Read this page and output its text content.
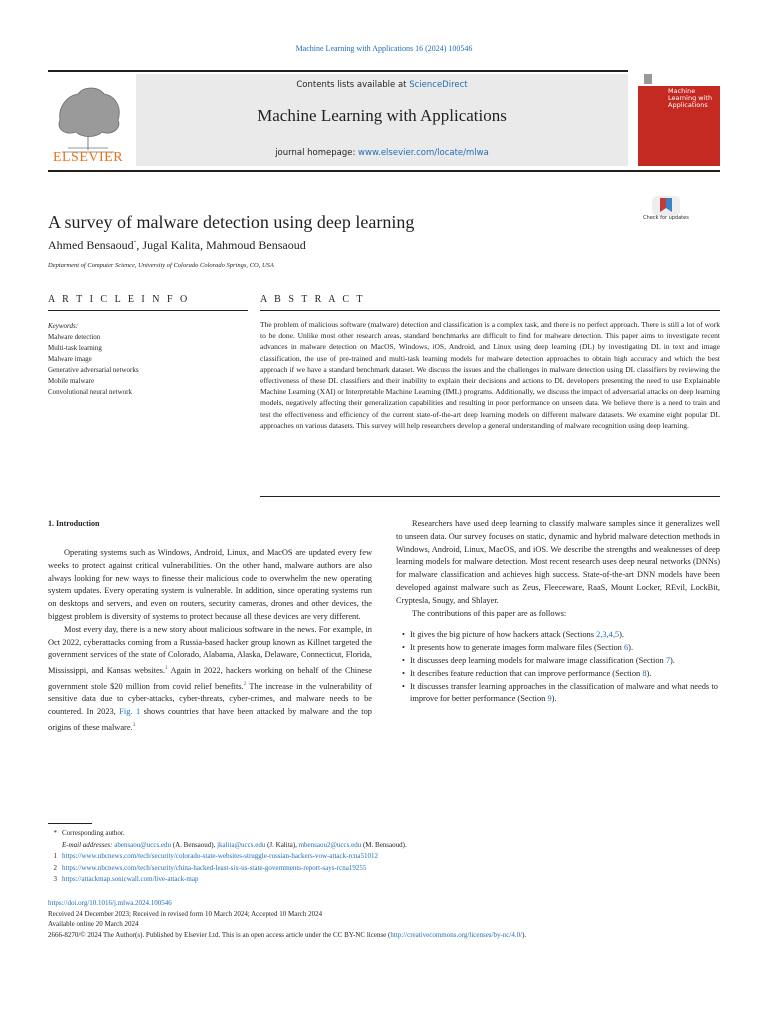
Machine Learning with Applications 16 (2024) 100546
ELSEVIER
Contents lists available at ScienceDirect
Machine Learning with Applications
journal homepage: www.elsevier.com/locate/mlwa
Machine Learning with Applications
Check for updates
A survey of malware detection using deep learning
Ahmed Bensaoud*, Jugal Kalita, Mahmoud Bensaoud
Deptarment of Computer Science, University of Colorado Colorado Springs, CO, USA
A R T I C L E I N F O	A B S T R A C T
Keywords:
Malware detection
Multi-task learning
Malware image
Generative adversarial networks
Mobile malware
Convolutional neural network
The problem of malicious software (malware) detection and classification is a complex task, and there is no perfect approach. There is still a lot of work to be done. Unlike most other research areas, standard benchmarks are difficult to find for malware detection. This paper aims to investigate recent advances in malware detection on MacOS, Windows, iOS, Android, and Linux using deep learning (DL) by investigating DL in text and image classification, the use of pre-trained and multi-task learning models for malware detection approaches to obtain high accuracy and which the best approach if we have a standard benchmark dataset. We discuss the issues and the challenges in malware detection using DL classifiers by reviewing the effectiveness of these DL classifiers and their inability to explain their decisions and actions to DL developers presenting the need to use Explainable Machine Learning (XAI) or Interpretable Machine Learning (IML) programs. Additionally, we discuss the impact of adversarial attacks on deep learning models, negatively affecting their generalization capabilities and resulting in poor performance on unseen data. We believe there is a need to train and test the effectiveness and efficiency of the current state-of-the-art deep learning models on different malware datasets. We examine eight popular DL approaches on various datasets. This survey will help researchers develop a general understanding of malware recognition using deep learning.
1. Introduction

Operating systems such as Windows, Android, Linux, and MacOS are updated every few weeks to protect against critical vulnerabilities. On the other hand, malware authors are also always looking for new ways to finesse their malicious code to overwhelm the new operating system updates. Every operating system is vulnerable. In addition, since operating systems run on desktops and servers, and even on routers, security cameras, drones and other devices, the biggest problem is diversity of systems to protect because all these devices are very different.

Most every day, there is a new story about malicious software in the news. For example, in Oct 2022, cyberattacks coming from a Russia-based hacker group known as Killnet targeted the government services of the state of Colorado, Alabama, Alaska, Delaware, Connecticut, Florida, Mississippi, and Kansas websites.$^1$ Again in 2022, hackers working on behalf of the Chinese government stole $20 million from covid relief benefits.$^2$ The increase in the vulnerability of sensitive data due to cyber-attacks, cyber-threats, cyber-crimes, and malware needs to be countered. In 2023, Fig. 1 shows countries that have been attacked by malware and the top origins of these malware.$^3$

Researchers have used deep learning to classify malware samples since it generalizes well to unseen data. Our survey focuses on static, dynamic and hybrid malware detection methods in Windows, Android, Linux, MacOS, and iOS. We describe the strengths and weaknesses of deep learning models for malware detection. Most recent research uses deep neural networks (DNNs) for malware classification and achieves high success. State-of-the-art DNN models have been developed against malware such as Zeus, Fleeceware, RaaS, Mount Locker, REvil, LockBit, Cryptesla, Snugy, and Shlayer.

The contributions of this paper are as follows:

• It gives the big picture of how hackers attack (Sections 2,3,4,5).
• It presents how to generate images form malware files (Section 6).
• It discusses deep learning models for malware image classification (Section 7).
• It describes feature reduction that can improve performance (Section 8).
• It discusses transfer learning approaches in the classification of malware and what needs to improve for better performance (Section 9).
* Corresponding author.
E-mail addresses: abensaou@uccs.edu (A. Bensaoud), jkalita@uccs.edu (J. Kalita), mbensaou2@uccs.edu (M. Bensaoud).
1 https://www.nbcnews.com/tech/security/colorado-state-websites-struggle-russian-hackers-vow-attack-rcna51012
2 https://www.nbcnews.com/tech/security/china-hacked-least-six-us-state-governments-report-says-rcna19255
3 https://attackmap.sonicwall.com/live-attack-map
https://doi.org/10.1016/j.mlwa.2024.100546
Received 24 December 2023; Received in revised form 10 March 2024; Accepted 10 March 2024
Available online 20 March 2024
2666-8270/© 2024 The Author(s). Published by Elsevier Ltd. This is an open access article under the CC BY-NC license (http://creativecommons.org/licenses/by-nc/4.0/).
